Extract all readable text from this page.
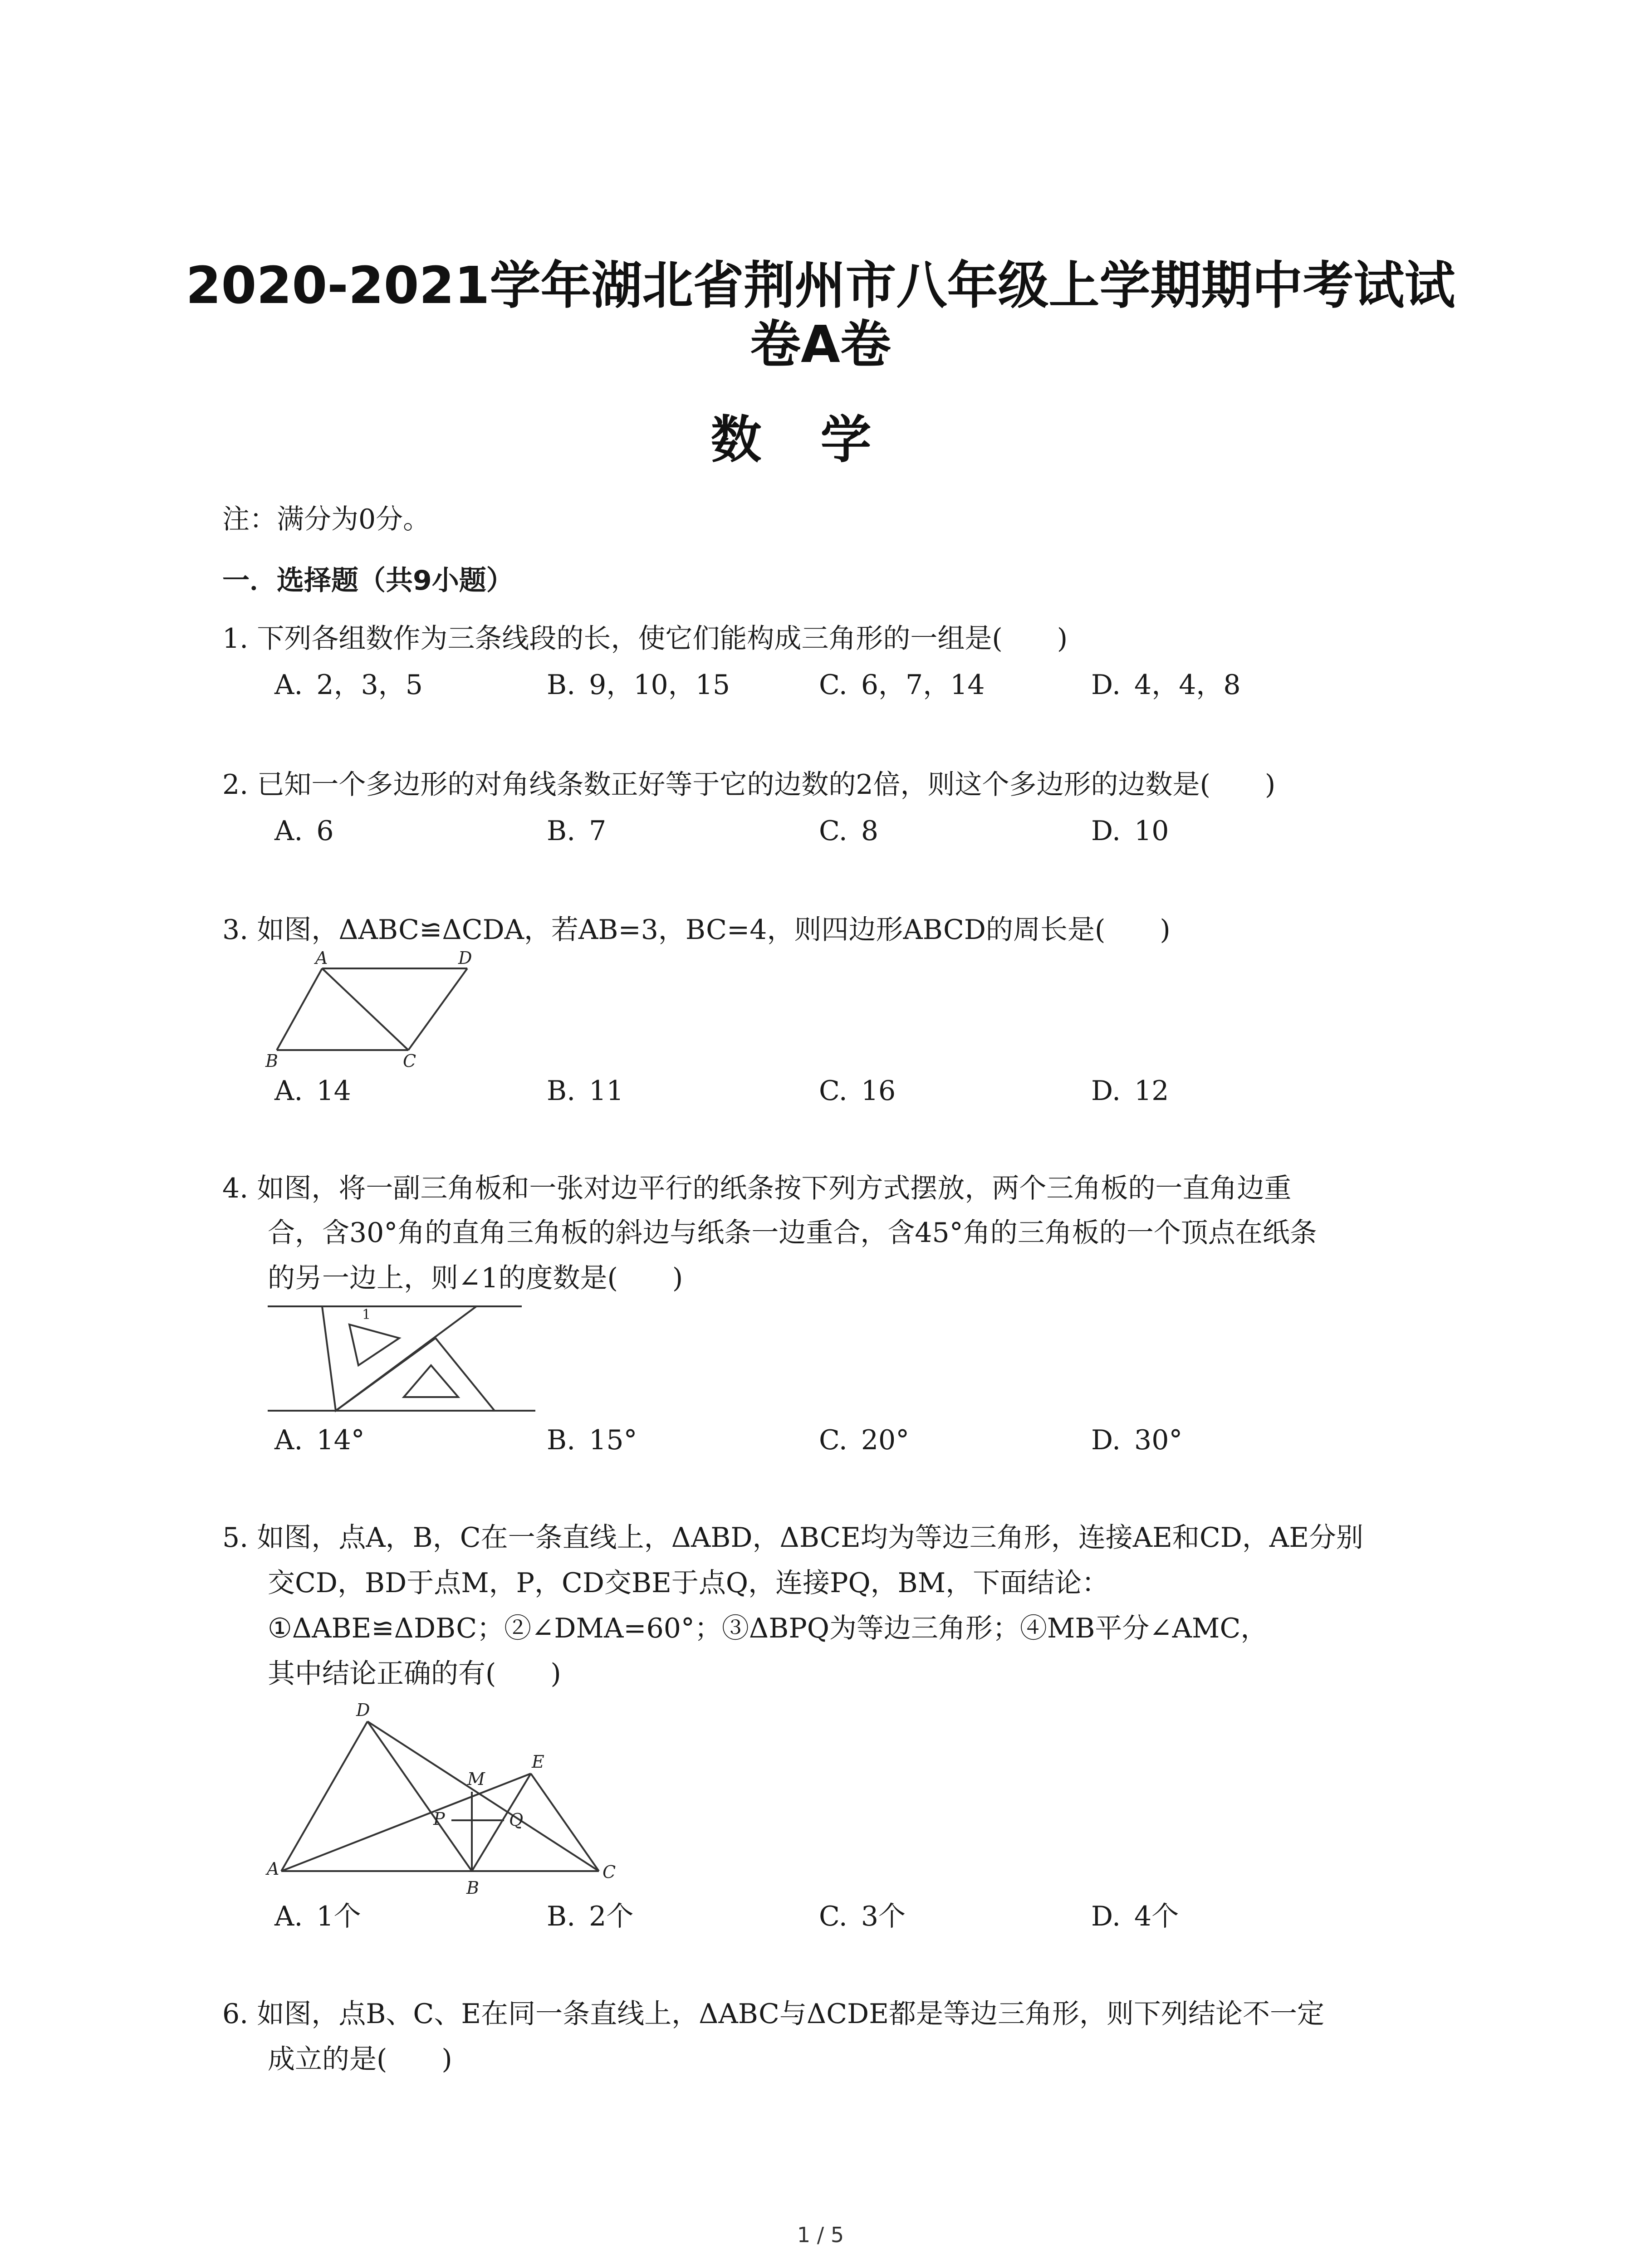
2020-2021学年湖北省荆州市八年级上学期期中考试试
卷A卷
数学
注：满分为0分。
一．选择题（共9小题）
1. 下列各组数作为三条线段的长，使它们能构成三角形的一组是(　　)
A. 2，3，5	B. 9，10，15	C. 6，7，14	D. 4，4，8
2. 已知一个多边形的对角线条数正好等于它的边数的2倍，则这个多边形的边数是(　　)
A. 6	B. 7	C. 8	D. 10
3. 如图，ΔABC≌ΔCDA，若AB=3，BC=4，则四边形ABCD的周长是(　　)
A
B	C
D
A. 14	B. 11	C. 16	D. 12
4. 如图，将一副三角板和一张对边平行的纸条按下列方式摆放，两个三角板的一直角边重
合，含30°角的直角三角板的斜边与纸条一边重合，含45°角的三角板的一个顶点在纸条
的另一边上，则∠1的度数是(　　)
1
A. 14°	B. 15°	C. 20°	D. 30°
5. 如图，点A，B，C在一条直线上，ΔABD，ΔBCE均为等边三角形，连接AE和CD，AE分别
交CD，BD于点M，P，CD交BE于点Q，连接PQ，BM，下面结论：
①ΔABE≌ΔDBC；②∠DMA=60°；③ΔBPQ为等边三角形；④MB平分∠AMC，
其中结论正确的有(　　)
A
B
C
D
E
M
P	Q
A. 1个	B. 2个	C. 3个	D. 4个
6. 如图，点B、C、E在同一条直线上，ΔABC与ΔCDE都是等边三角形，则下列结论不一定
成立的是(　　)
1 / 5
